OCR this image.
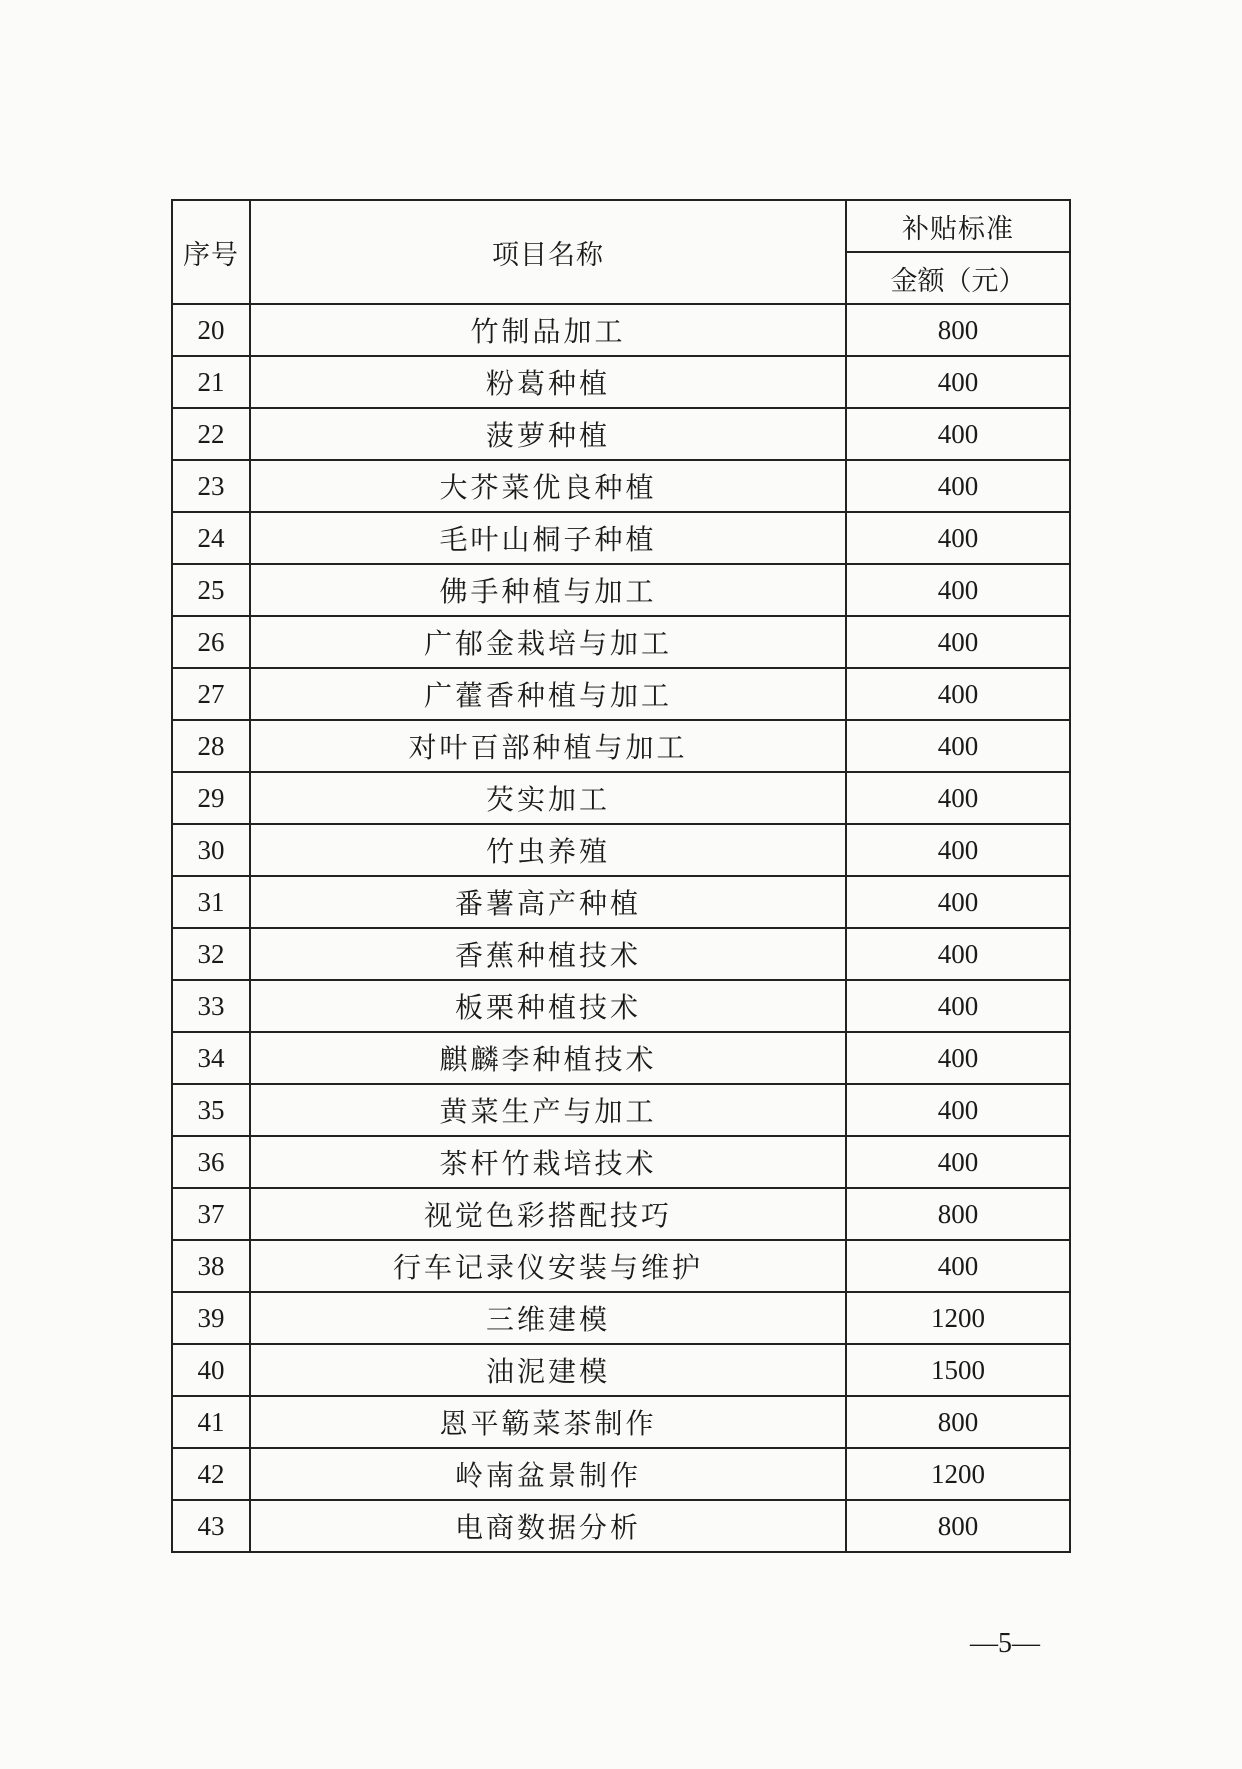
序号	项目名称	补贴标准
		金额（元）
20	竹制品加工	800
21	粉葛种植	400
22	菠萝种植	400
23	大芥菜优良种植	400
24	毛叶山桐子种植	400
25	佛手种植与加工	400
26	广郁金栽培与加工	400
27	广藿香种植与加工	400
28	对叶百部种植与加工	400
29	芡实加工	400
30	竹虫养殖	400
31	番薯高产种植	400
32	香蕉种植技术	400
33	板栗种植技术	400
34	麒麟李种植技术	400
35	黄菜生产与加工	400
36	茶杆竹栽培技术	400
37	视觉色彩搭配技巧	800
38	行车记录仪安装与维护	400
39	三维建模	1200
40	油泥建模	1500
41	恩平簕菜茶制作	800
42	岭南盆景制作	1200
43	电商数据分析	800
—5—
